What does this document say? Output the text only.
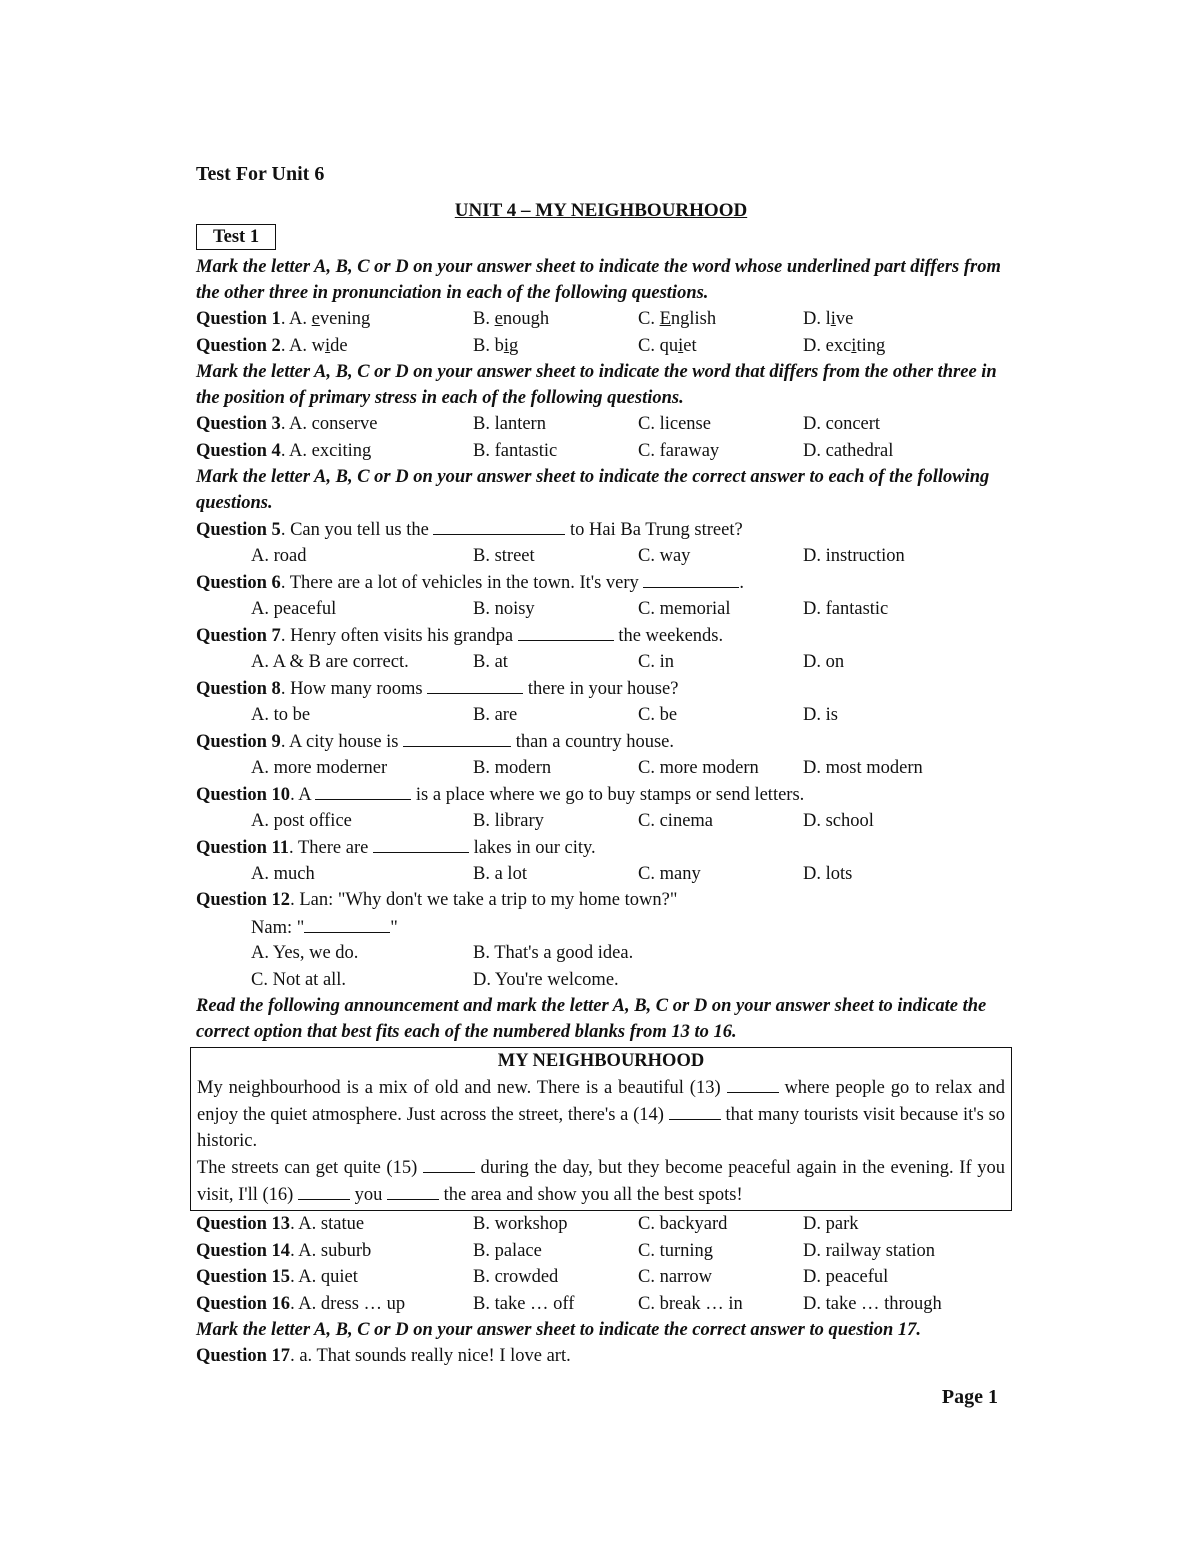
Test For Unit 6
UNIT 4 – MY NEIGHBOURHOOD
Test 1
Mark the letter A, B, C or D on your answer sheet to indicate the word whose underlined part differs from the other three in pronunciation in each of the following questions.
Question 1. A. evening	B. enough	C. English	D. live
Question 2. A. wide	B. big	C. quiet	D. exciting
Mark the letter A, B, C or D on your answer sheet to indicate the word that differs from the other three in the position of primary stress in each of the following questions.
Question 3. A. conserve	B. lantern	C. license	D. concert
Question 4. A. exciting	B. fantastic	C. faraway	D. cathedral
Mark the letter A, B, C or D on your answer sheet to indicate the correct answer to each of the following questions.
Question 5. Can you tell us the	to Hai Ba Trung street?
A. road	B. street	C. way	D. instruction
Question 6. There are a lot of vehicles in the town. It's very	.
A. peaceful	B. noisy	C. memorial	D. fantastic
Question 7. Henry often visits his grandpa	the weekends.
A. A & B are correct.	B. at	C. in	D. on
Question 8. How many rooms	there in your house?
A. to be	B. are	C. be	D. is
Question 9. A city house is	than a country house.
A. more moderner	B. modern	C. more modern	D. most modern
Question 10. A	is a place where we go to buy stamps or send letters.
A. post office	B. library	C. cinema	D. school
Question 11. There are	lakes in our city.
A. much	B. a lot	C. many	D. lots
Question 12. Lan: "Why don't we take a trip to my home town?"
Nam: "	"
A. Yes, we do.	B. That's a good idea.
C. Not at all.	D. You're welcome.
Read the following announcement and mark the letter A, B, C or D on your answer sheet to indicate the correct option that best fits each of the numbered blanks from 13 to 16.
MY NEIGHBOURHOOD
My neighbourhood is a mix of old and new. There is a beautiful (13)	where people go to relax and enjoy the quiet atmosphere. Just across the street, there's a (14)	that many tourists visit because it's so historic.
The streets can get quite (15)	during the day, but they become peaceful again in the evening. If you visit, I'll (16)	you	the area and show you all the best spots!
Question 13. A. statue	B. workshop	C. backyard	D. park
Question 14. A. suburb	B. palace	C. turning	D. railway station
Question 15. A. quiet	B. crowded	C. narrow	D. peaceful
Question 16. A. dress … up	B. take … off	C. break … in	D. take … through
Mark the letter A, B, C or D on your answer sheet to indicate the correct answer to question 17.
Question 17. a. That sounds really nice! I love art.
Page 1
